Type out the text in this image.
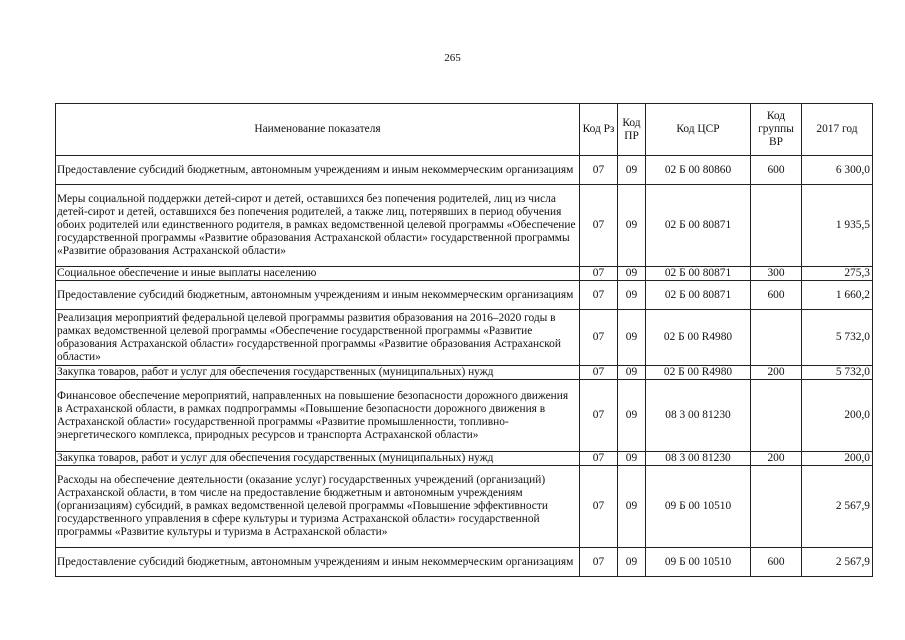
265
Наименование показателя	Код Рз	Код ПР	Код ЦСР	Код группы ВР	2017 год
Предоставление субсидий бюджетным, автономным учреждениям и иным некоммерческим организациям	07	09	02 Б 00 80860	600	6 300,0
Меры социальной поддержки детей-сирот и детей, оставшихся без попечения родителей, лиц из числа детей-сирот и детей, оставшихся без попечения родителей, а также лиц, потерявших в период обучения обоих родителей или единственного родителя, в рамках ведомственной целевой программы «Обеспечение государственной программы «Развитие образования Астраханской области» государственной программы «Развитие образования Астраханской области»	07	09	02 Б 00 80871		1 935,5
Социальное обеспечение и иные выплаты населению	07	09	02 Б 00 80871	300	275,3
Предоставление субсидий бюджетным, автономным учреждениям и иным некоммерческим организациям	07	09	02 Б 00 80871	600	1 660,2
Реализация мероприятий федеральной целевой программы развития образования на 2016–2020 годы в рамках ведомственной целевой программы «Обеспечение государственной программы «Развитие образования Астраханской области» государственной программы «Развитие образования Астраханской области»	07	09	02 Б 00 R4980		5 732,0
Закупка товаров, работ и услуг для обеспечения государственных (муниципальных) нужд	07	09	02 Б 00 R4980	200	5 732,0
Финансовое обеспечение мероприятий, направленных на повышение безопасности дорожного движения в Астраханской области, в рамках подпрограммы «Повышение безопасности дорожного движения в Астраханской области» государственной программы «Развитие промышленности, топливно-энергетического комплекса, природных ресурсов и транспорта Астраханской области»	07	09	08 3 00 81230		200,0
Закупка товаров, работ и услуг для обеспечения государственных (муниципальных) нужд	07	09	08 3 00 81230	200	200,0
Расходы на обеспечение деятельности (оказание услуг) государственных учреждений (организаций) Астраханской области, в том числе на предоставление бюджетным и автономным учреждениям (организациям) субсидий, в рамках ведомственной целевой программы «Повышение эффективности государственного управления в сфере культуры и туризма Астраханской области» государственной программы «Развитие культуры и туризма в Астраханской области»	07	09	09 Б 00 10510		2 567,9
Предоставление субсидий бюджетным, автономным учреждениям и иным некоммерческим организациям	07	09	09 Б 00 10510	600	2 567,9
